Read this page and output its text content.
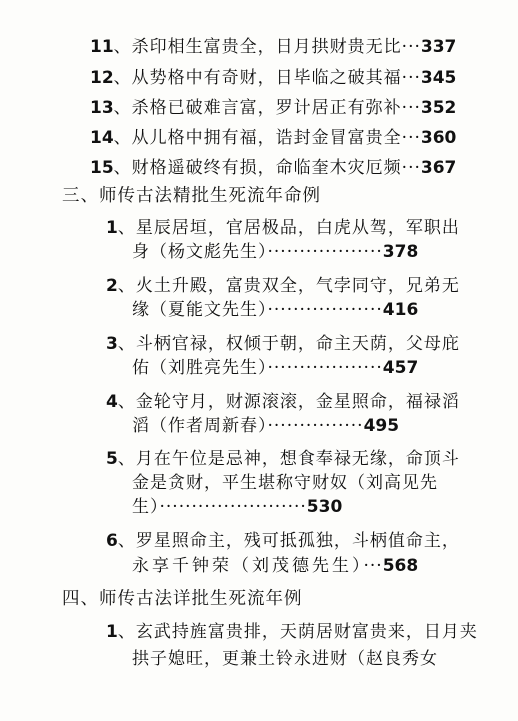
11、杀印相生富贵全，日月拱财贵无比···337
12、从势格中有奇财，日毕临之破其福···345
13、杀格已破难言富，罗计居正有弥补···352
14、从儿格中拥有福，诰封金冒富贵全···360
15、财格遥破终有损，命临奎木灾厄频···367
三、师传古法精批生死流年命例
1、星辰居垣，官居极品，白虎从驾，军职出
身（杨文彪先生）··················378
2、火土升殿，富贵双全，气孛同守，兄弟无
缘（夏能文先生）··················416
3、斗柄官禄，权倾于朝，命主天荫，父母庇
佑（刘胜亮先生）··················457
4、金轮守月，财源滚滚，金星照命，福禄滔
滔（作者周新春）···············495
5、月在午位是忌神，想食奉禄无缘，命顶斗
金是贪财，平生堪称守财奴（刘高见先
生）·······················530
6、罗星照命主，残可抵孤独，斗柄值命主，
永享千钟荣（刘茂德先生）···568
四、师传古法详批生死流年例
1、玄武持旌富贵排，天荫居财富贵来，日月夹
拱子媳旺，更兼土铃永进财（赵良秀女
